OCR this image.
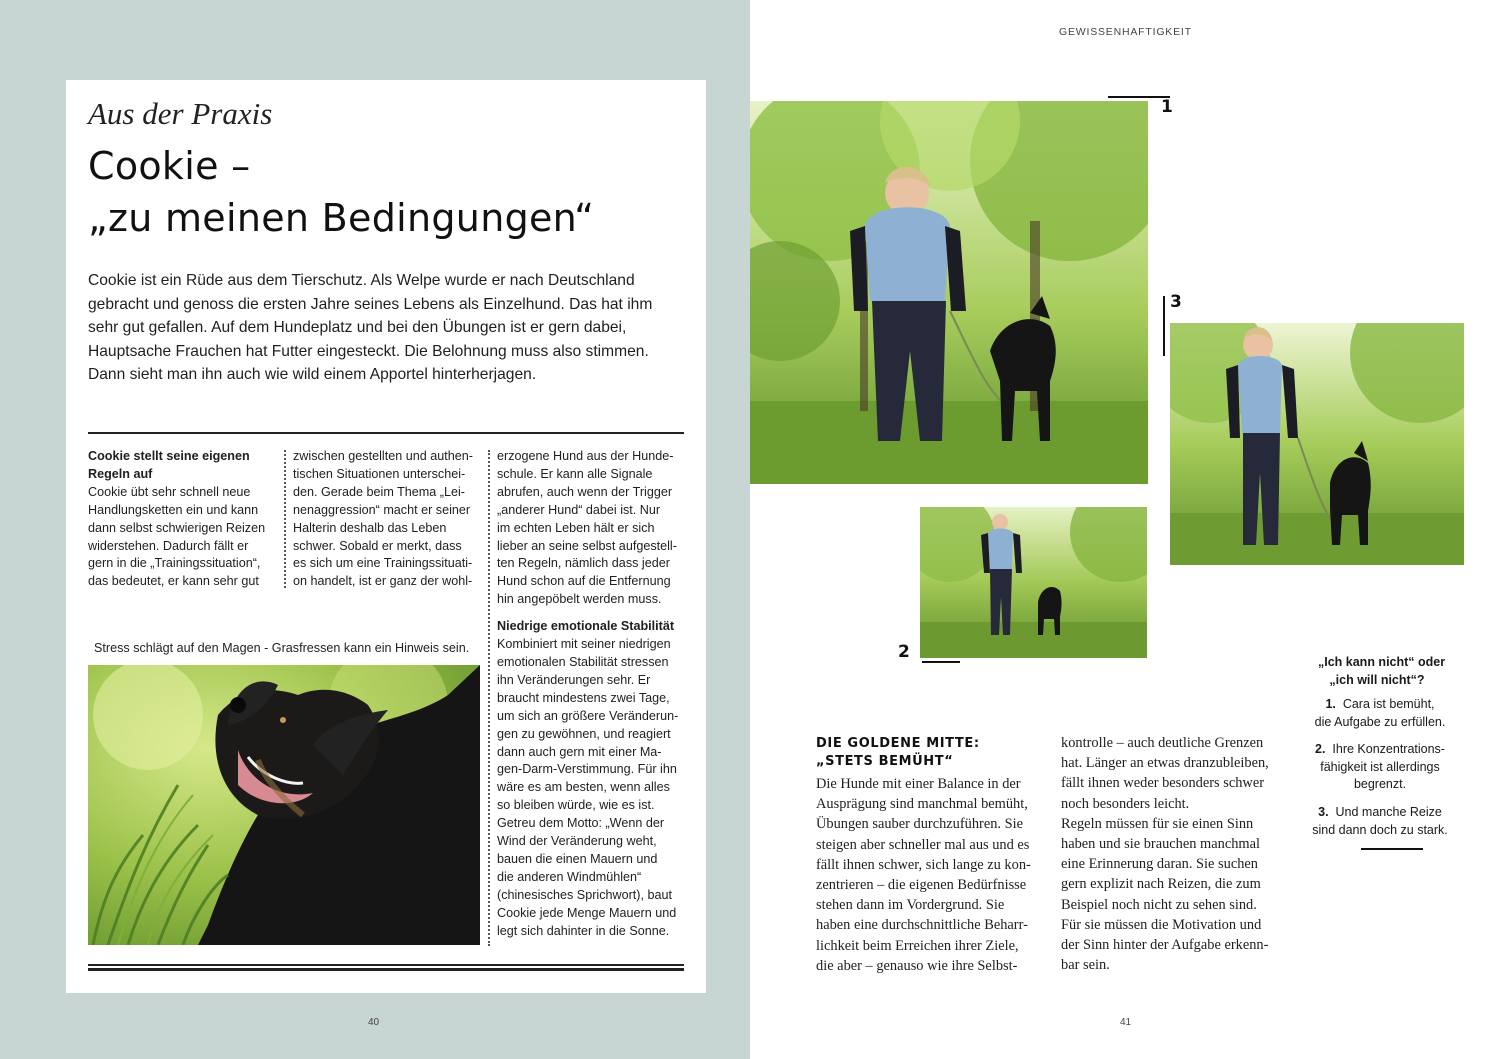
Aus der Praxis
Cookie –
„zu meinen Bedingungen“
Cookie ist ein Rüde aus dem Tierschutz. Als Welpe wurde er nach Deutschland
gebracht und genoss die ersten Jahre seines Lebens als Einzelhund. Das hat ihm
sehr gut gefallen. Auf dem Hundeplatz und bei den Übungen ist er gern dabei,
Hauptsache Frauchen hat Futter eingesteckt. Die Belohnung muss also stimmen.
Dann sieht man ihn auch wie wild einem Apportel hinterherjagen.
Cookie stellt seine eigenen
Regeln auf
Cookie übt sehr schnell neue
Handlungsketten ein und kann
dann selbst schwierigen Reizen
widerstehen. Dadurch fällt er
gern in die „Trainingssituation“,
das bedeutet, er kann sehr gut
zwischen gestellten und authen-
tischen Situationen unterschei-
den. Gerade beim Thema „Lei-
nenaggression“ macht er seiner
Halterin deshalb das Leben
schwer. Sobald er merkt, dass
es sich um eine Trainingssituati-
on handelt, ist er ganz der wohl-
erzogene Hund aus der Hunde-
schule. Er kann alle Signale
abrufen, auch wenn der Trigger
„anderer Hund“ dabei ist. Nur
im echten Leben hält er sich
lieber an seine selbst aufgestell-
ten Regeln, nämlich dass jeder
Hund schon auf die Entfernung
hin angepöbelt werden muss.
Niedrige emotionale Stabilität
Kombiniert mit seiner niedrigen
emotionalen Stabilität stressen
ihn Veränderungen sehr. Er
braucht mindestens zwei Tage,
um sich an größere Veränderun-
gen zu gewöhnen, und reagiert
dann auch gern mit einer Ma-
gen-Darm-Verstimmung. Für ihn
wäre es am besten, wenn alles
so bleiben würde, wie es ist.
Getreu dem Motto: „Wenn der
Wind der Veränderung weht,
bauen die einen Mauern und
die anderen Windmühlen“
(chinesisches Sprichwort), baut
Cookie jede Menge Mauern und
legt sich dahinter in die Sonne.
Stress schlägt auf den Magen - Grasfressen kann ein Hinweis sein.
40
GEWISSENHAFTIGKEIT
1
3
2	„Ich kann nicht“ oder
„ich will nicht“?
1. Cara ist bemüht,
die Aufgabe zu erfüllen.
2. Ihre Konzentrations-
fähigkeit ist allerdings
begrenzt.
3. Und manche Reize
sind dann doch zu stark.
DIE GOLDENE MITTE:
„STETS BEMÜHT“
Die Hunde mit einer Balance in der
Ausprägung sind manchmal bemüht,
Übungen sauber durchzuführen. Sie
steigen aber schneller mal aus und es
fällt ihnen schwer, sich lange zu kon-
zentrieren – die eigenen Bedürfnisse
stehen dann im Vordergrund. Sie
haben eine durchschnittliche Beharr-
lichkeit beim Erreichen ihrer Ziele,
die aber – genauso wie ihre Selbst-
kontrolle – auch deutliche Grenzen
hat. Länger an etwas dranzubleiben,
fällt ihnen weder besonders schwer
noch besonders leicht.
Regeln müssen für sie einen Sinn
haben und sie brauchen manchmal
eine Erinnerung daran. Sie suchen
gern explizit nach Reizen, die zum
Beispiel noch nicht zu sehen sind.
Für sie müssen die Motivation und
der Sinn hinter der Aufgabe erkenn-
bar sein.
41
